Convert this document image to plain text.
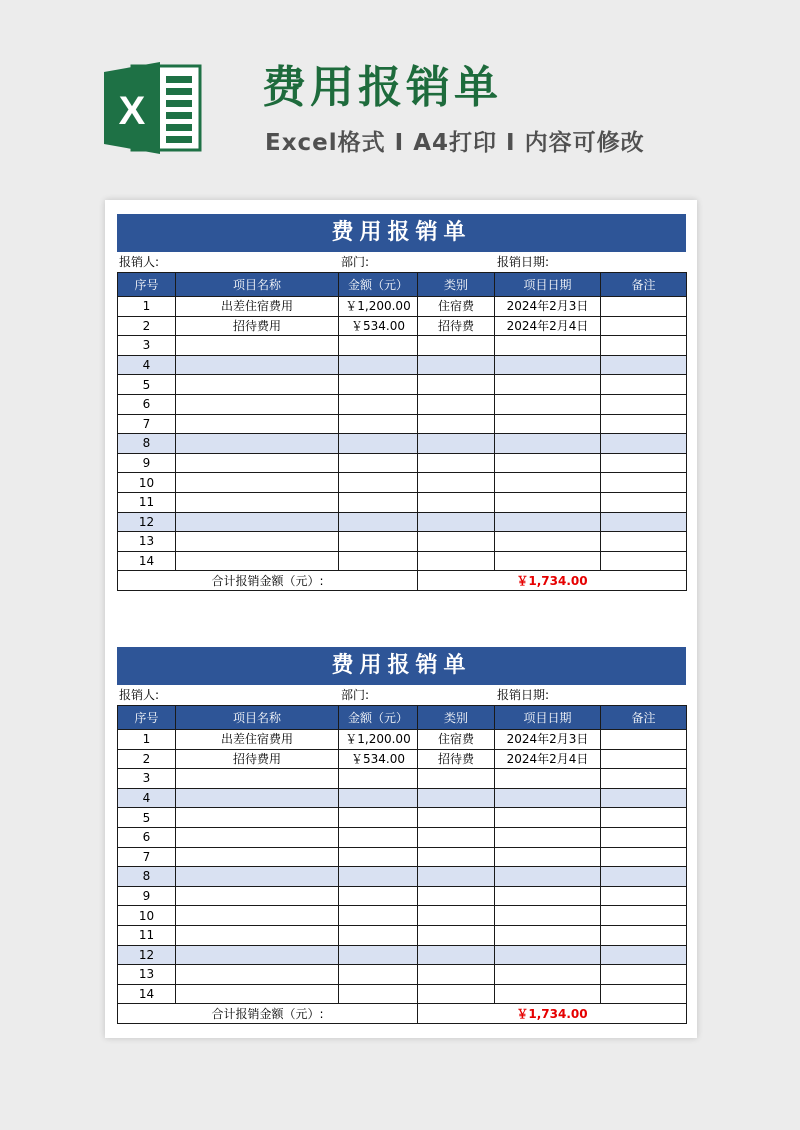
X	费用报销单
Excel格式 I A4打印 I 内容可修改
费用报销单
报销人:	部门:	报销日期:
序号	项目名称	金额（元）	类别	项目日期	备注
1	出差住宿费用	￥1,200.00	住宿费	2024年2月3日	
2	招待费用	￥534.00	招待费	2024年2月4日	
3					
4					
5					
6					
7					
8					
9					
10					
11					
12					
13					
14					
合计报销金额（元）:			￥1,734.00		
费用报销单
报销人:	部门:	报销日期:
序号	项目名称	金额（元）	类别	项目日期	备注
1	出差住宿费用	￥1,200.00	住宿费	2024年2月3日	
2	招待费用	￥534.00	招待费	2024年2月4日	
3					
4					
5					
6					
7					
8					
9					
10					
11					
12					
13					
14					
合计报销金额（元）:			￥1,734.00		
